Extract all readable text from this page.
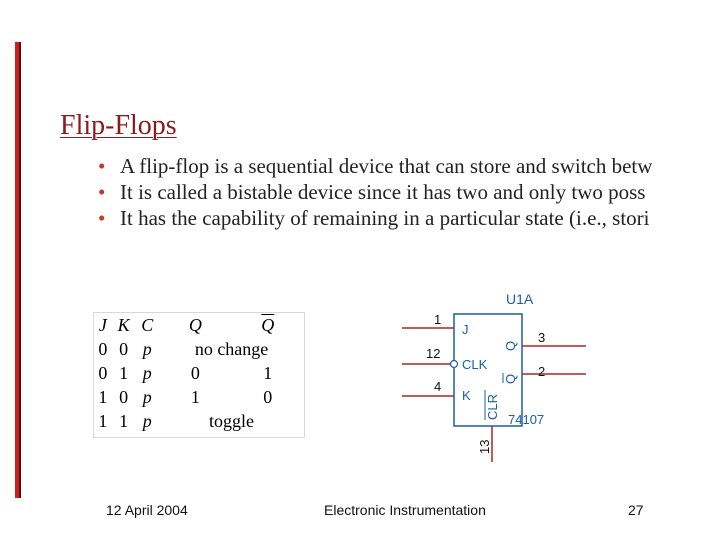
Flip-Flops
• A flip-flop is a sequential device that can store and switch betw
• It is called a bistable device since it has two and only two poss
• It has the capability of remaining in a particular state (i.e., stori
J	K	C	Q	$\overline{Q}$
0	0	p	no change	
0	1	p	0	1
1	0	p	1	0
1	1	p	toggle	
U1A
1
12
4
3
2
13
J
CLK
K
Q
Q
CLR 74107
12 April 2004	Electronic Instrumentation	27
